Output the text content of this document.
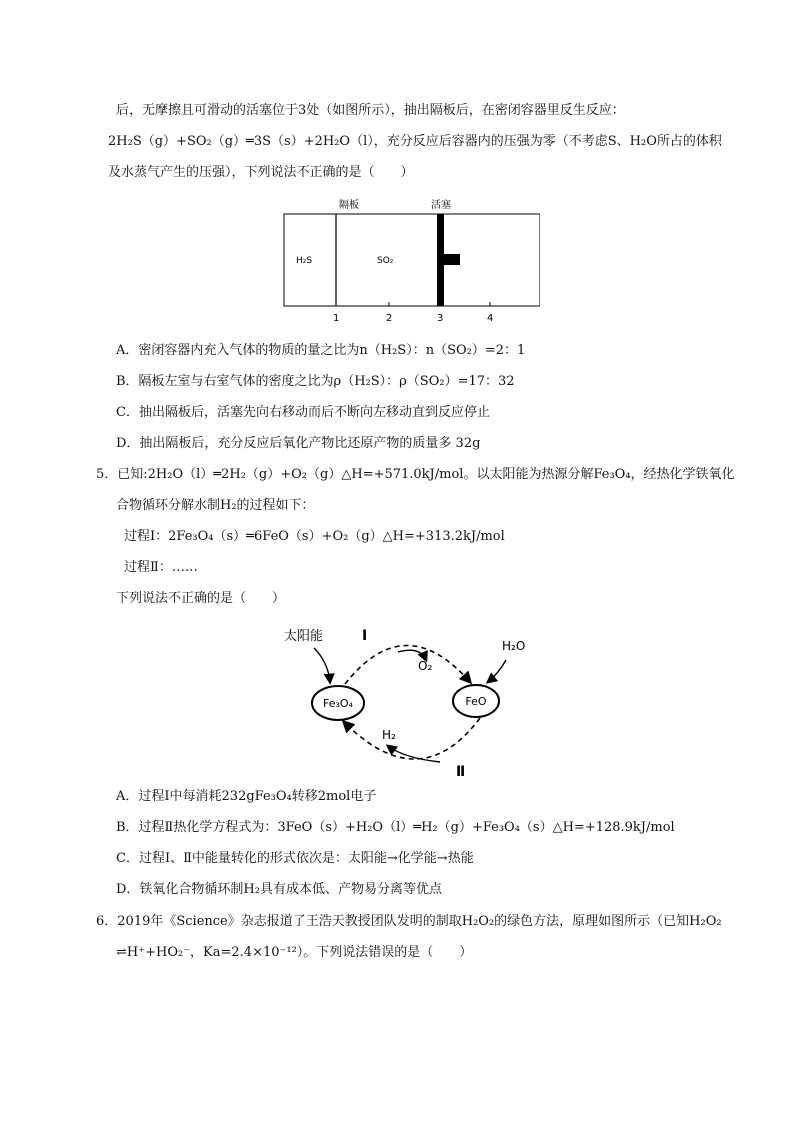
后，无摩擦且可滑动的活塞位于3处（如图所示），抽出隔板后，在密闭容器里反生反应：
2H₂S（g）+SO₂（g）═3S（s）+2H₂O（l），充分反应后容器内的压强为零（不考虑S、H₂O所占的体积
及水蒸气产生的压强），下列说法不正确的是（　　）
隔板	活塞
H₂S	SO₂
1	2	3	4
A．密闭容器内充入气体的物质的量之比为n（H₂S）：n（SO₂）=2：1
B．隔板左室与右室气体的密度之比为ρ（H₂S）：ρ（SO₂）=17：32
C．抽出隔板后，活塞先向右移动而后不断向左移动直到反应停止
D．抽出隔板后，充分反应后氧化产物比还原产物的质量多 32g
5．已知:2H₂O（l）═2H₂（g）+O₂（g）△H=+571.0kJ/mol。以太阳能为热源分解Fe₃O₄，经热化学铁氧化
合物循环分解水制H₂的过程如下：
过程Ⅰ：2Fe₃O₄（s）═6FeO（s）+O₂（g）△H=+313.2kJ/mol
过程Ⅱ：……
下列说法不正确的是（　　）
太阳能	Ⅰ
H₂O
O₂
H₂
Ⅱ
Fe₃O₄	FeO
A．过程Ⅰ中每消耗232gFe₃O₄转移2mol电子
B．过程Ⅱ热化学方程式为：3FeO（s）+H₂O（l）═H₂（g）+Fe₃O₄（s）△H=+128.9kJ/mol
C．过程Ⅰ、Ⅱ中能量转化的形式依次是：太阳能→化学能→热能
D．铁氧化合物循环制H₂具有成本低、产物易分离等优点
6．2019年《Science》杂志报道了王浩天教授团队发明的制取H₂O₂的绿色方法，原理如图所示（已知H₂O₂
⇌H⁺+HO₂⁻，Ka=2.4×10⁻¹²）。下列说法错误的是（　　）
